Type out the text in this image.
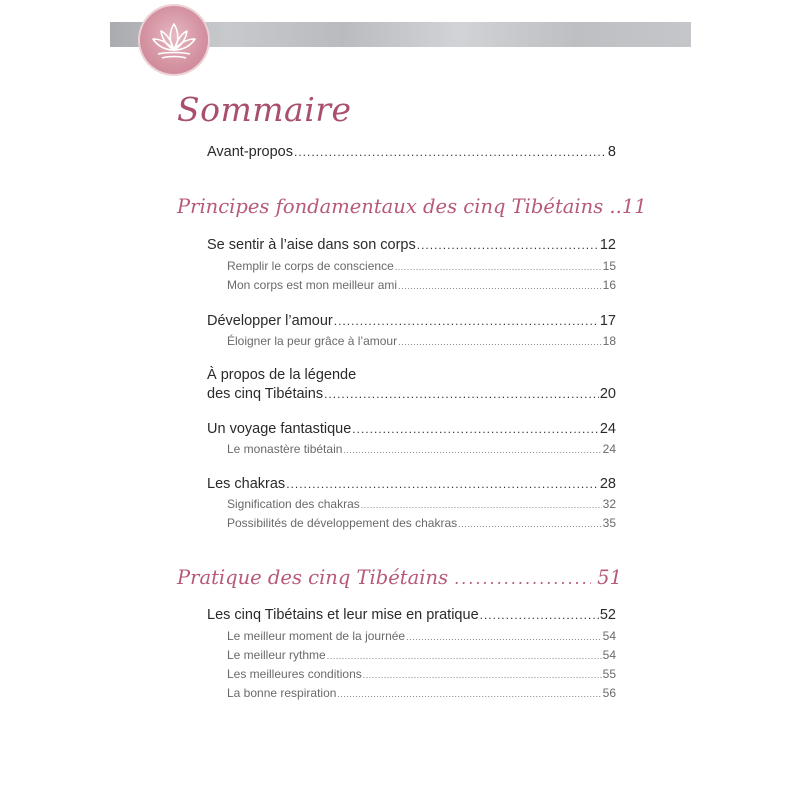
Sommaire
Avant-propos .....	8
Principes fondamentaux des cinq Tibétains .. 11
Se sentir à l’aise dans son corps .....	12
Remplir le corps de conscience .....	15
Mon corps est mon meilleur ami .....	16
Développer l’amour .....	17
Éloigner la peur grâce à l’amour .....	18
À propos de la légende
des cinq Tibétains .....	20
Un voyage fantastique .....	24
Le monastère tibétain .....	24
Les chakras .....	28
Signification des chakras .....	32
Possibilités de développement des chakras .....	35
Pratique des cinq Tibétains .....	51
Les cinq Tibétains et leur mise en pratique .....	52
Le meilleur moment de la journée .....	54
Le meilleur rythme .....	54
Les meilleures conditions .....	55
La bonne respiration .....	56
